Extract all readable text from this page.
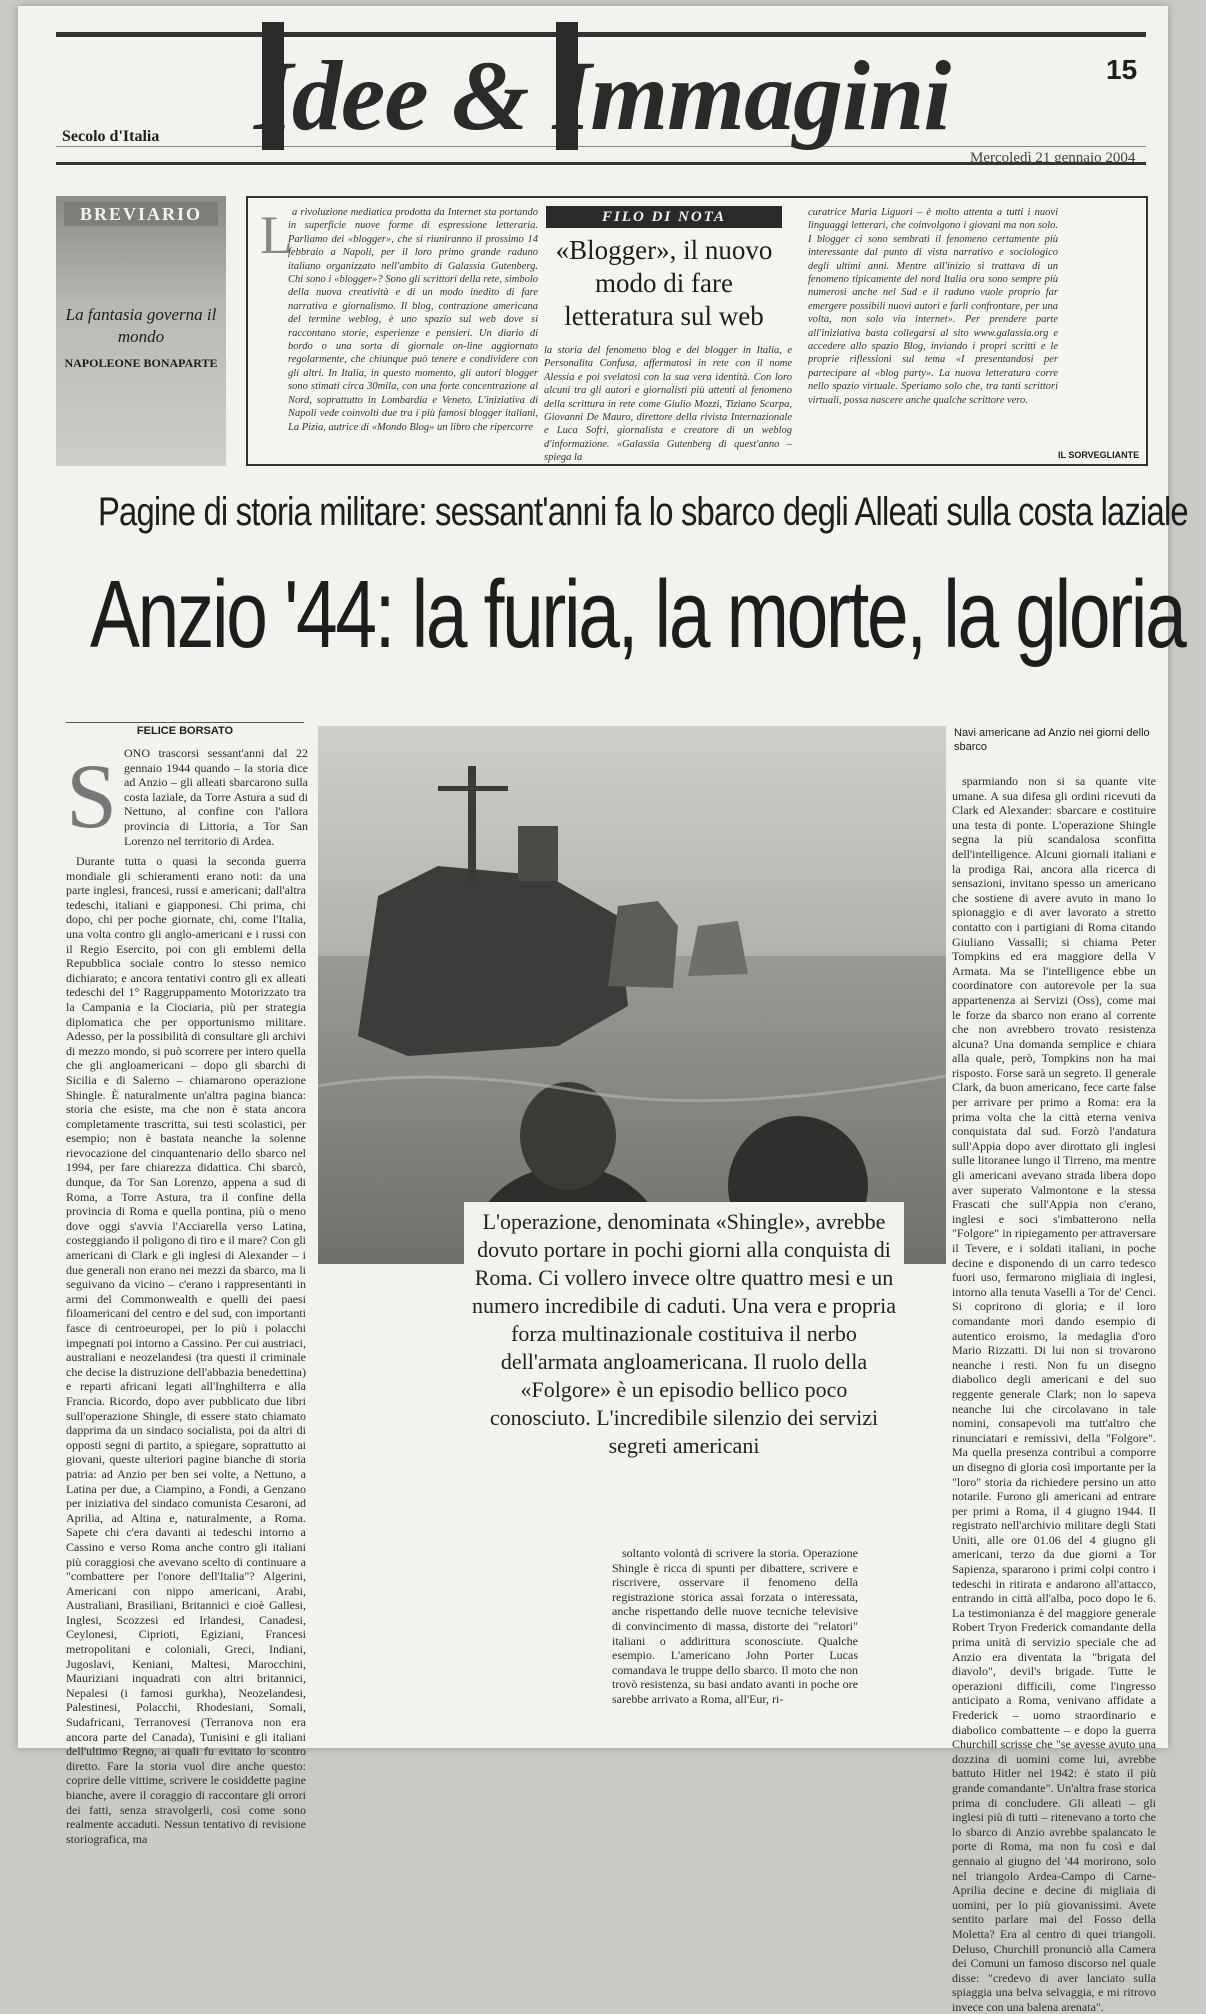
Idee & Immagini
Secolo d'Italia
15
Mercoledì 21 gennaio 2004
BREVIARIO
La fantasia governa il mondo
NAPOLEONE BONAPARTE
L a rivoluzione mediatica prodotta da Internet sta portando in superficie nuove forme di espressione letteraria. Parliamo dei «blogger», che si riuniranno il prossimo 14 febbraio a Napoli, per il loro primo grande raduno italiano organizzato nell'ambito di Galassia Gutenberg. Chi sono i «blogger»? Sono gli scrittori della rete, simbolo della nuova creatività e di un modo inedito di fare narrativa e giornalismo. Il blog, contrazione americana del termine weblog, è uno spazio sul web dove si raccontano storie, esperienze e pensieri. Un diario di bordo o una sorta di giornale on-line aggiornato regolarmente, che chiunque può tenere e condividere con gli altri. In Italia, in questo momento, gli autori blogger sono stimati circa 30mila, con una forte concentrazione al Nord, soprattutto in Lombardia e Veneto. L'iniziativa di Napoli vede coinvolti due tra i più famosi blogger italiani, La Pizia, autrice di «Mondo Blog» un libro che ripercorre
la storia del fenomeno blog e dei blogger in Italia, e Personalita Confusa, affermatosi in rete con il nome Alessia e poi svelatosi con la sua vera identità. Con loro alcuni tra gli autori e giornalisti più attenti al fenomeno della scrittura in rete come Giulio Mozzi, Tiziano Scarpa, Giovanni De Mauro, direttore della rivista Internazionale e Luca Sofri, giornalista e creatore di un weblog d'informazione. «Galassia Gutenberg di quest'anno – spiega la
curatrice Maria Liguori – è molto attenta a tutti i nuovi linguaggi letterari, che coinvolgono i giovani ma non solo. I blogger ci sono sembrati il fenomeno certamente più interessante dal punto di vista narrativo e sociologico degli ultimi anni. Mentre all'inizio si trattava di un fenomeno tipicamente del nord Italia ora sono sempre più numerosi anche nel Sud e il raduno vuole proprio far emergere possibili nuovi autori e farli confrontare, per una volta, non solo via internet». Per prendere parte all'iniziativa basta collegarsi al sito www.galassia.org e accedere allo spazio Blog, inviando i propri scritti e le proprie riflessioni sul tema «I presentandosi per partecipare al «blog party». La nuova letteratura corre nello spazio virtuale. Speriamo solo che, tra tanti scrittori virtuali, possa nascere anche qualche scrittore vero.
FILO DI NOTA
«Blogger», il nuovo modo di fare letteratura sul web
IL SORVEGLIANTE
Pagine di storia militare: sessant'anni fa lo sbarco degli Alleati sulla costa laziale
Anzio '44: la furia, la morte, la gloria
FELICE BORSATO
S ONO trascorsi sessant'anni dal 22 gennaio 1944 quando – la storia dice ad Anzio – gli alleati sbarcarono sulla costa laziale, da Torre Astura a sud di Nettuno, al confine con l'allora provincia di Littoria, a Tor San Lorenzo nel territorio di Ardea.
Durante tutta o quasi la seconda guerra mondiale gli schieramenti erano noti: da una parte inglesi, francesi, russi e americani; dall'altra tedeschi, italiani e giapponesi. Chi prima, chi dopo, chi per poche giornate, chi, come l'Italia, una volta contro gli anglo-americani e i russi con il Regio Esercito, poi con gli emblemi della Repubblica sociale contro lo stesso nemico dichiarato; e ancora tentativi contro gli ex alleati tedeschi del 1° Raggruppamento Motorizzato tra la Campania e la Ciociaria, più per strategia diplomatica che per opportunismo militare. Adesso, per la possibilità di consultare gli archivi di mezzo mondo, si può scorrere per intero quella che gli angloamericani – dopo gli sbarchi di Sicilia e di Salerno – chiamarono operazione Shingle. È naturalmente un'altra pagina bianca: storia che esiste, ma che non è stata ancora completamente trascritta, sui testi scolastici, per esempio; non è bastata neanche la solenne rievocazione del cinquantenario dello sbarco nel 1994, per fare chiarezza didattica. Chi sbarcò, dunque, da Tor San Lorenzo, appena a sud di Roma, a Torre Astura, tra il confine della provincia di Roma e quella pontina, più o meno dove oggi s'avvia l'Acciarella verso Latina, costeggiando il poligono di tiro e il mare? Con gli americani di Clark e gli inglesi di Alexander – i due generali non erano nei mezzi da sbarco, ma li seguivano da vicino – c'erano i rappresentanti in armi del Commonwealth e quelli dei paesi filoamericani del centro e del sud, con importanti fasce di centroeuropei, per lo più i polacchi impegnati poi intorno a Cassino. Per cui austriaci, australiani e neozelandesi (tra questi il criminale che decise la distruzione dell'abbazia benedettina) e reparti africani legati all'Inghilterra e alla Francia. Ricordo, dopo aver pubblicato due libri sull'operazione Shingle, di essere stato chiamato dapprima da un sindaco socialista, poi da altri di opposti segni di partito, a spiegare, soprattutto ai giovani, queste ulteriori pagine bianche di storia patria: ad Anzio per ben sei volte, a Nettuno, a Latina per due, a Ciampino, a Fondi, a Genzano per iniziativa del sindaco comunista Cesaroni, ad Aprilia, ad Altina e, naturalmente, a Roma. Sapete chi c'era davanti ai tedeschi intorno a Cassino e verso Roma anche contro gli italiani più coraggiosi che avevano scelto di continuare a "combattere per l'onore dell'Italia"? Algerini, Americani con nippo americani, Arabi, Australiani, Brasiliani, Britannici e cioè Gallesi, Inglesi, Scozzesi ed Irlandesi, Canadesi, Ceylonesi, Ciprioti, Egiziani, Francesi metropolitani e coloniali, Greci, Indiani, Jugoslavi, Keniani, Maltesi, Marocchini, Mauriziani inquadrati con altri britannici, Nepalesi (i famosi gurkha), Neozelandesi, Palestinesi, Polacchi, Rhodesiani, Somali, Sudafricani, Terranovesi (Terranova non era ancora parte del Canada), Tunisini e gli italiani dell'ultimo Regno, ai quali fu evitato lo scontro diretto. Fare la storia vuol dire anche questo: coprire delle vittime, scrivere le cosiddette pagine bianche, avere il coraggio di raccontare gli orrori dei fatti, senza stravolgerli, così come sono realmente accaduti. Nessun tentativo di revisione storiografica, ma
Navi americane ad Anzio nei giorni dello sbarco
soltanto volontà di scrivere la storia. Operazione Shingle è ricca di spunti per dibattere, scrivere e riscrivere, osservare il fenomeno della registrazione storica assai forzata o interessata, anche rispettando delle nuove tecniche televisive di convincimento di massa, distorte dei "relatori" italiani o addirittura sconosciute. Qualche esempio. L'americano John Porter Lucas comandava le truppe dello sbarco. Il moto che non trovò resistenza, su basi andato avanti in poche ore sarebbe arrivato a Roma, all'Eur, ri-
sparmiando non si sa quante vite umane. A sua difesa gli ordini ricevuti da Clark ed Alexander: sbarcare e costituire una testa di ponte. L'operazione Shingle segna la più scandalosa sconfitta dell'intelligence. Alcuni giornali italiani e la prodiga Rai, ancora alla ricerca di sensazioni, invitano spesso un americano che sostiene di avere avuto in mano lo spionaggio e di aver lavorato a stretto contatto con i partigiani di Roma citando Giuliano Vassalli; si chiama Peter Tompkins ed era maggiore della V Armata. Ma se l'intelligence ebbe un coordinatore con autorevole per la sua appartenenza ai Servizi (Oss), come mai le forze da sbarco non erano al corrente che non avrebbero trovato resistenza alcuna? Una domanda semplice e chiara alla quale, però, Tompkins non ha mai risposto. Forse sarà un segreto. Il generale Clark, da buon americano, fece carte false per arrivare per primo a Roma: era la prima volta che la città eterna veniva conquistata dal sud. Forzò l'andatura sull'Appia dopo aver dirottato gli inglesi sulle litoranee lungo il Tirreno, ma mentre gli americani avevano strada libera dopo aver superato Valmontone e la stessa Frascati che sull'Appia non c'erano, inglesi e soci s'imbatterono nella "Folgore" in ripiegamento per attraversare il Tevere, e i soldati italiani, in poche decine e disponendo di un carro tedesco fuori uso, fermarono migliaia di inglesi, intorno alla tenuta Vaselli a Tor de' Cenci. Si coprirono di gloria; e il loro comandante morì dando esempio di autentico eroismo, la medaglia d'oro Mario Rizzatti. Di lui non si trovarono neanche i resti. Non fu un disegno diabolico degli americani e del suo reggente generale Clark; non lo sapeva neanche lui che circolavano in tale nomini, consapevoli ma tutt'altro che rinunciatari e remissivi, della "Folgore". Ma quella presenza contribuì a comporre un disegno di gloria così importante per la "loro" storia da richiedere persino un atto notarile. Furono gli americani ad entrare per primi a Roma, il 4 giugno 1944. Il registrato nell'archivio militare degli Stati Uniti, alle ore 01.06 del 4 giugno gli americani, terzo da due giorni a Tor Sapienza, spararono i primi colpi contro i tedeschi in ritirata e andarono all'attacco, entrando in città all'alba, poco dopo le 6. La testimonianza è del maggiore generale Robert Tryon Frederick comandante della prima unità di servizio speciale che ad Anzio era diventata la "brigata del diavolo", devil's brigade. Tutte le operazioni difficili, come l'ingresso anticipato a Roma, venivano affidate a Frederick – uomo straordinario e diabolico combattente – e dopo la guerra Churchill scrisse che "se avesse avuto una dozzina di uomini come lui, avrebbe battuto Hitler nel 1942: è stato il più grande comandante". Un'altra frase storica prima di concludere. Gli alleati – gli inglesi più di tutti – ritenevano a torto che lo sbarco di Anzio avrebbe spalancato le porte di Roma, ma non fu così e dal gennaio al giugno del '44 morirono, solo nel triangolo Ardea-Campo di Carne-Aprilia decine e decine di migliaia di uomini, per lo più giovanissimi. Avete sentito parlare mai del Fosso della Moletta? Era al centro di quei triangoli. Deluso, Churchill pronunciò alla Camera dei Comuni un famoso discorso nel quale disse: "credevo di aver lanciato sulla spiaggia una belva selvaggia, e mi ritrovo invece con una balena arenata".
L'operazione, denominata «Shingle», avrebbe dovuto portare in pochi giorni alla conquista di Roma. Ci vollero invece oltre quattro mesi e un numero incredibile di caduti. Una vera e propria forza multinazionale costituiva il nerbo dell'armata angloamericana. Il ruolo della «Folgore» è un episodio bellico poco conosciuto. L'incredibile silenzio dei servizi segreti americani
